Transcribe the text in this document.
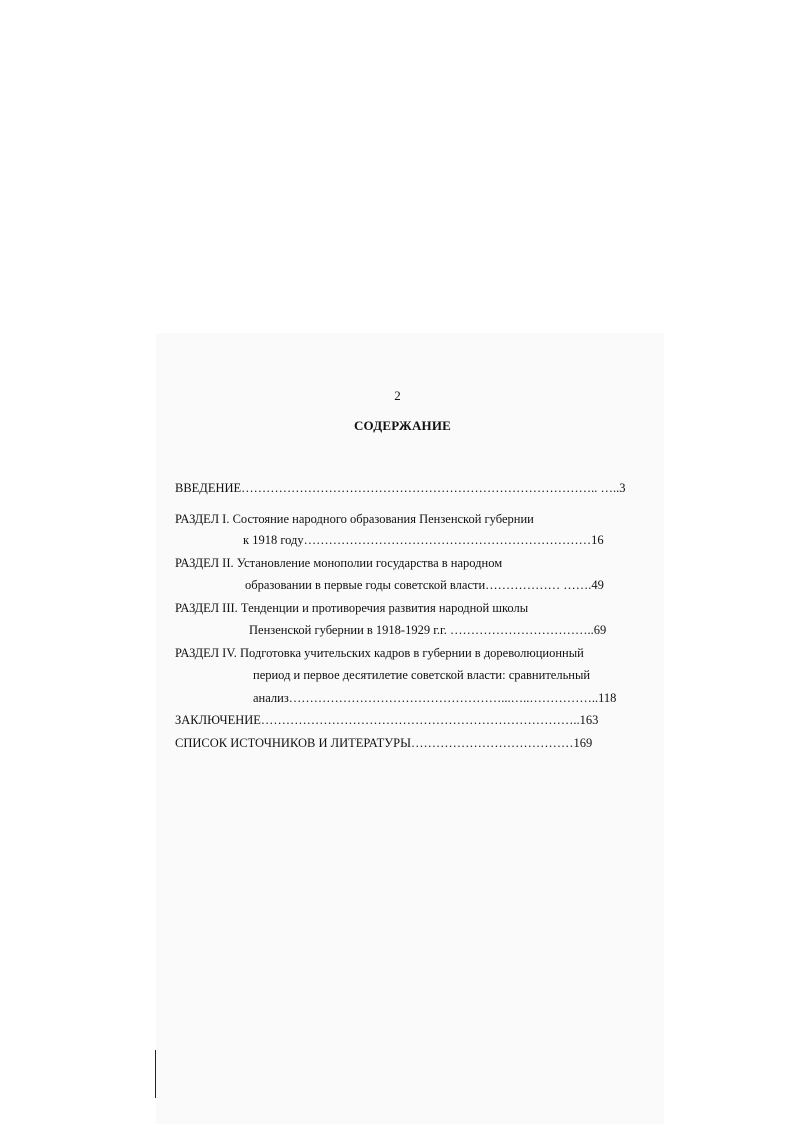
2
СОДЕРЖАНИЕ
ВВЕДЕНИЕ………………………………………………………………………….. …..3
РАЗДЕЛ I. Состояние народного образования Пензенской губернии
к 1918 году……………………………………………………………16
РАЗДЕЛ II. Установление монополии государства в народном
образовании в первые годы советской власти……………… …….49
РАЗДЕЛ III. Тенденции и противоречия развития народной школы
Пензенской губернии в 1918-1929 г.г. ……………………………..69
РАЗДЕЛ IV. Подготовка учительских кадров в губернии в дореволюционный
период и первое десятилетие советской власти: сравнительный
анализ……………………………………………...…..……………..118
ЗАКЛЮЧЕНИЕ…………………………………………………………………..163
СПИСОК ИСТОЧНИКОВ И ЛИТЕРАТУРЫ…………………………………169
